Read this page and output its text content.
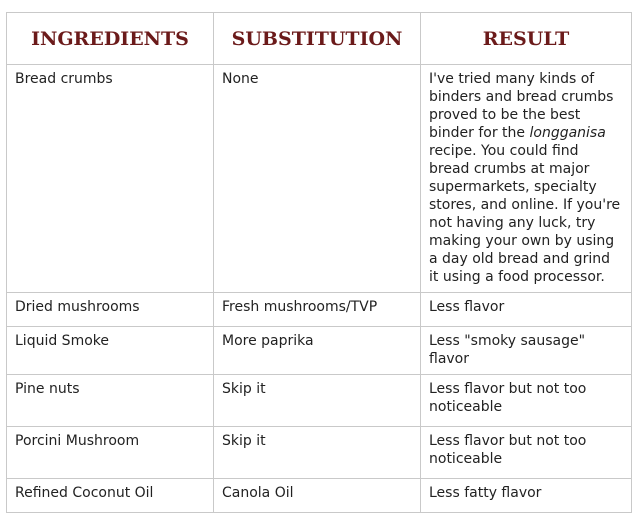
INGREDIENTS	SUBSTITUTION	RESULT
Bread crumbs	None	I've tried many kinds of binders and bread crumbs proved to be the best binder for the longganisa recipe. You could find bread crumbs at major supermarkets, specialty stores, and online. If you're not having any luck, try making your own by using a day old bread and grind it using a food processor.
Dried mushrooms	Fresh mushrooms/TVP	Less flavor
Liquid Smoke	More paprika	Less "smoky sausage" flavor
Pine nuts	Skip it	Less flavor but not too noticeable
Porcini Mushroom	Skip it	Less flavor but not too noticeable
Refined Coconut Oil	Canola Oil	Less fatty flavor
